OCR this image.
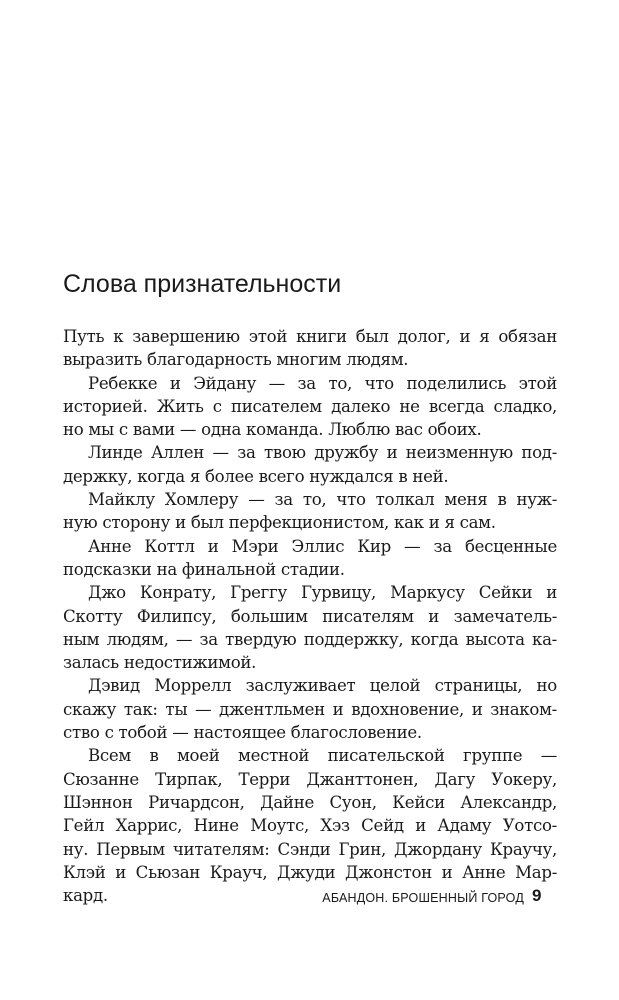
Слова признательности

Путь к завершению этой книги был долог, и я обязан
выразить благодарность многим людям.

Ребекке и Эйдану — за то, что поделились этой
историей. Жить с писателем далеко не всегда сладко,
но мы с вами — одна команда. Люблю вас обоих.

Линде Аллен — за твою дружбу и неизменную под-
держку, когда я более всего нуждался в ней.

Майклу Хомлеру — за то, что толкал меня в нуж-
ную сторону и был перфекционистом, как и я сам.

Анне Коттл и Мэри Эллис Кир — за бесценные
подсказки на финальной стадии.

Джо Конрату, Греггу Гурвицу, Маркусу Сейки и
Скотту Филипсу, большим писателям и замечатель-
ным людям, — за твердую поддержку, когда высота ка-
залась недостижимой.

Дэвид Моррелл заслуживает целой страницы, но
скажу так: ты — джентльмен и вдохновение, и знаком-
ство с тобой — настоящее благословение.

Всем в моей местной писательской группе —
Сюзанне Тирпак, Терри Джанттонен, Дагу Уокеру,
Шэннон Ричардсон, Дайне Суон, Кейси Александр,
Гейл Харрис, Нине Моутс, Хэз Сейд и Адаму Уотсо-
ну. Первым читателям: Сэнди Грин, Джордану Краучу,
Клэй и Сьюзан Крауч, Джуди Джонстон и Анне Мар-
кард.	АБАНДОН. БРОШЕННЫЙ ГОРОД 9
